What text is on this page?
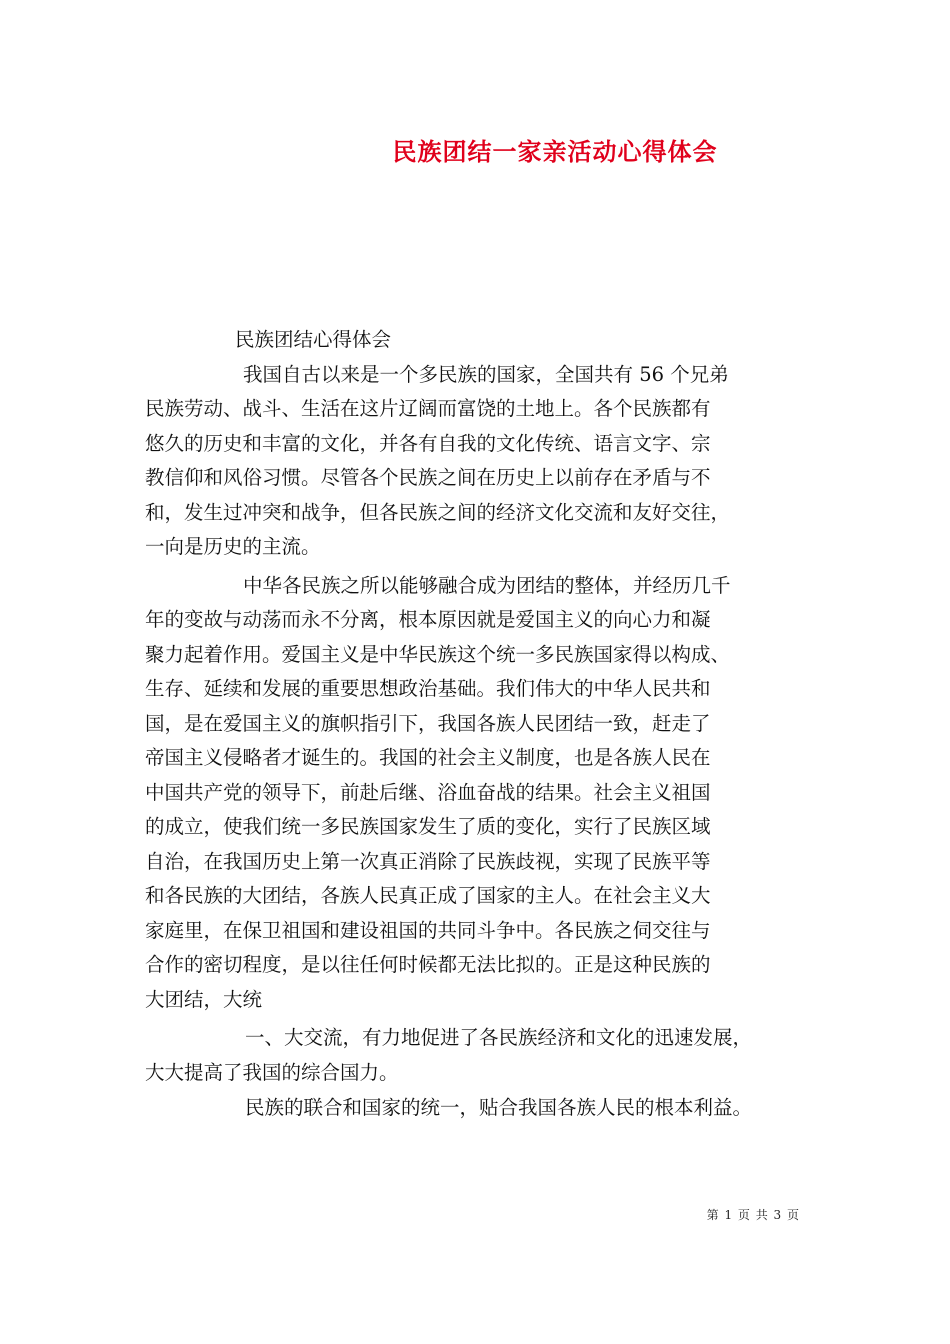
民族团结一家亲活动心得体会
民族团结心得体会
我国自古以来是一个多民族的国家，全国共有 56 个兄弟
民族劳动、战斗、生活在这片辽阔而富饶的土地上。各个民族都有
悠久的历史和丰富的文化，并各有自我的文化传统、语言文字、宗
教信仰和风俗习惯。尽管各个民族之间在历史上以前存在矛盾与不
和，发生过冲突和战争，但各民族之间的经济文化交流和友好交往，
一向是历史的主流。
中华各民族之所以能够融合成为团结的整体，并经历几千
年的变故与动荡而永不分离，根本原因就是爱国主义的向心力和凝
聚力起着作用。爱国主义是中华民族这个统一多民族国家得以构成、
生存、延续和发展的重要思想政治基础。我们伟大的中华人民共和
国，是在爱国主义的旗帜指引下，我国各族人民团结一致，赶走了
帝国主义侵略者才诞生的。我国的社会主义制度，也是各族人民在
中国共产党的领导下，前赴后继、浴血奋战的结果。社会主义祖国
的成立，使我们统一多民族国家发生了质的变化，实行了民族区域
自治，在我国历史上第一次真正消除了民族歧视，实现了民族平等
和各民族的大团结，各族人民真正成了国家的主人。在社会主义大
家庭里，在保卫祖国和建设祖国的共同斗争中。各民族之伺交往与
合作的密切程度，是以往任何时候都无法比拟的。正是这种民族的
大团结，大统
一、大交流，有力地促进了各民族经济和文化的迅速发展，
大大提高了我国的综合国力。
民族的联合和国家的统一，贴合我国各族人民的根本利益。
第 1 页 共 3 页
